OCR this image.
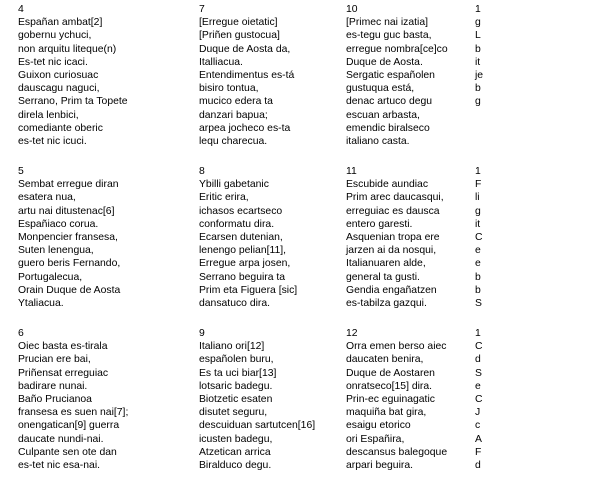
4
Españan ambat[2]
gobernu ychuci,
non arquitu liteque(n)
Es-tet nic icaci.
Guixon curiosuac
dauscagu naguci,
Serrano, Prim ta Topete
direla lenbici,
comediante oberic
es-tet nic icuci.
7
[Erregue oietatic]
[Priñen gustocua]
Duque de Aosta da,
Italliacua.
Entendimentus es-tá
bisiro tontua,
mucico edera ta
danzari bapua;
arpea jocheco es-ta
lequ charecua.
10
[Primec nai izatia]
es-tegu guc basta,
erregue nombra[ce]co
Duque de Aosta.
Sergatic españolen
gustuqua está,
denac artuco degu
escuan arbasta,
emendic biralseco
italiano casta.
1
g
L
b
it
je
b
g
5
Sembat erregue diran
esatera nua,
artu nai ditustenac[6]
Españiaco corua.
Monpencier fransesa,
Suten lenengua,
guero beris Fernando,
Portugalecua,
Orain Duque de Aosta
Ytaliacua.
8
Ybilli gabetanic
Eritic erira,
ichasos ecartseco
conformatu dira.
Ecarsen dutenian,
lenengo pelian[11],
Erregue arpa josen,
Serrano beguira ta
Prim eta Figuera [sic]
dansatuco dira.
11
Escubide aundiac
Prim arec daucasqui,
erreguiac es dausca
entero garesti.
Asquenian tropa ere
jarzen ai da nosqui,
Italianuaren alde,
general ta gusti.
Gendia engañatzen
es-tabilza gazqui.
1
F
li
g
it
C
e
e
b
b
S
6
Oiec basta es-tirala
Prucian ere bai,
Priñensat erreguiac
badirare nunai.
Baño Prucianoa
fransesa es suen nai[7];
onengatican[9] guerra
daucate nundi-nai.
Culpante sen ote dan
es-tet nic esa-nai.
9
Italiano ori[12]
españolen buru,
Es ta uci biar[13]
lotsaric badegu.
Biotzetic esaten
disutet seguru,
descuiduan sartutcen[16]
icusten badegu,
Atzetican arrica
Biralduco degu.
12
Orra emen berso aiec
daucaten benira,
Duque de Aostaren
onratseco[15] dira.
Prin-ec eguinagatic
maquiña bat gira,
esaigu etorico
ori Españira,
descansus balegoque
arpari beguira.
1
C
d
S
e
C
J
c
A
F
d
